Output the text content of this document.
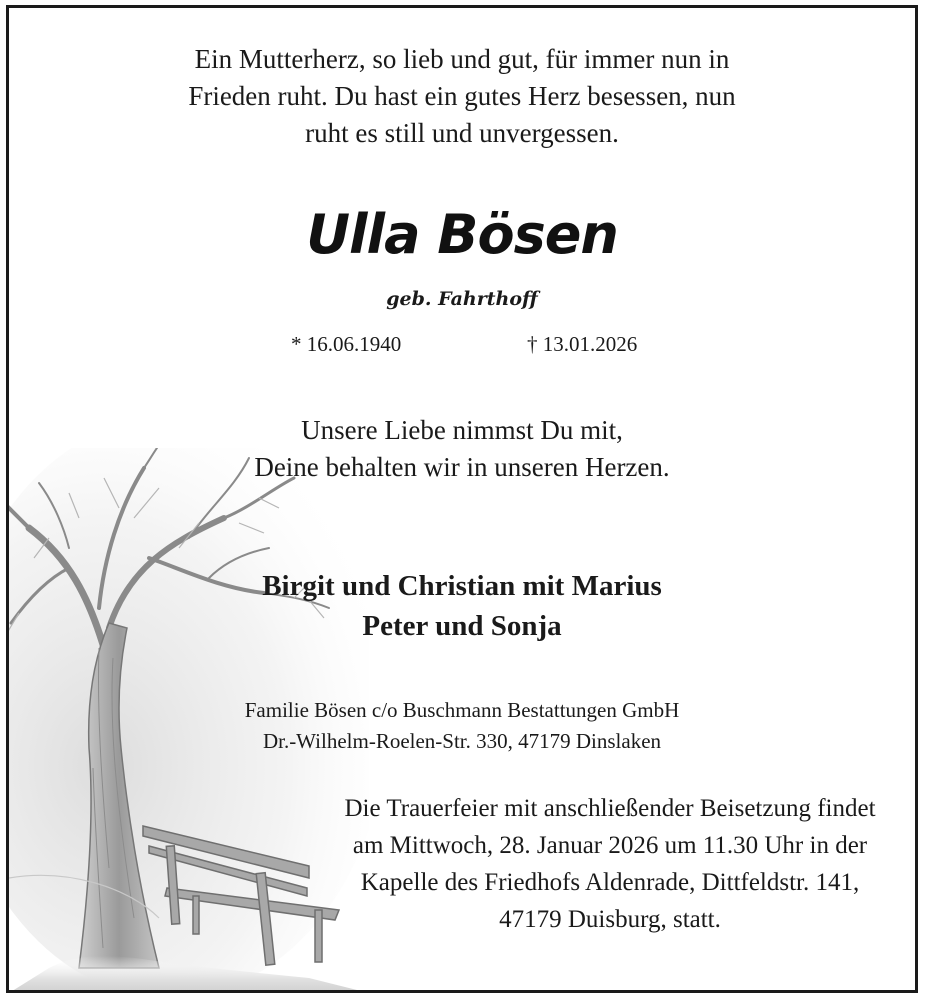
Ein Mutterherz, so lieb und gut, für immer nun in
Frieden ruht. Du hast ein gutes Herz besessen, nun
ruht es still und unvergessen.
Ulla Bösen
geb. Fahrthoff
* 16.06.1940	† 13.01.2026
Unsere Liebe nimmst Du mit,
Deine behalten wir in unseren Herzen.
Birgit und Christian mit Marius
Peter und Sonja
Familie Bösen c/o Buschmann Bestattungen GmbH
Dr.-Wilhelm-Roelen-Str. 330, 47179 Dinslaken
Die Trauerfeier mit anschließender Beisetzung findet
am Mittwoch, 28. Januar 2026 um 11.30 Uhr in der
Kapelle des Friedhofs Aldenrade, Dittfeldstr. 141,
47179 Duisburg, statt.
